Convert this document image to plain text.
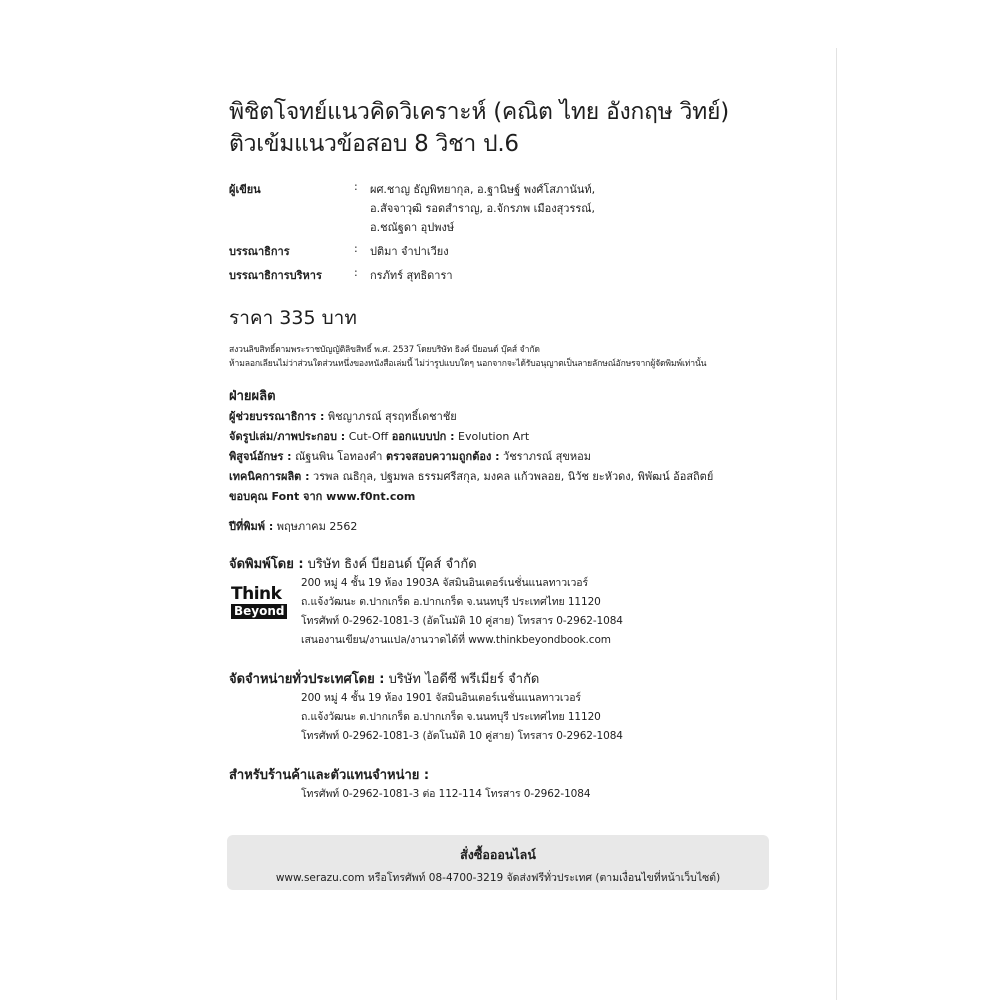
พิชิตโจทย์แนวคิดวิเคราะห์ (คณิต ไทย อังกฤษ วิทย์)
ติวเข้มแนวข้อสอบ 8 วิชา ป.6
ผู้เขียน	:	ผศ.ชาญ ธัญพิทยากุล, อ.ฐานิษฐ์ พงศ์โสภานันท์,
อ.สัจจาวุฒิ รอดสำราญ, อ.จักรภพ เมืองสุวรรณ์,
อ.ชณัฐดา อุปพงษ์
บรรณาธิการ	:	ปติมา จำปาเวียง
บรรณาธิการบริหาร	:	กรภัทร์ สุทธิดารา
ราคา 335 บาท
สงวนลิขสิทธิ์ตามพระราชบัญญัติลิขสิทธิ์ พ.ศ. 2537 โดยบริษัท ธิงค์ บียอนด์ บุ๊คส์ จำกัด
ห้ามลอกเลียนไม่ว่าส่วนใดส่วนหนึ่งของหนังสือเล่มนี้ ไม่ว่ารูปแบบใดๆ นอกจากจะได้รับอนุญาตเป็นลายลักษณ์อักษรจากผู้จัดพิมพ์เท่านั้น
ฝ่ายผลิต
ผู้ช่วยบรรณาธิการ : พิชญาภรณ์ สุรฤทธิ์เดชาชัย
จัดรูปเล่ม/ภาพประกอบ : Cut-Off ออกแบบปก : Evolution Art
พิสูจน์อักษร : ณัฐนพิน โอทองคำ ตรวจสอบความถูกต้อง : วัชราภรณ์ สุขหอม
เทคนิคการผลิต : วรพล ณธิกุล, ปฐมพล ธรรมศรีสกุล, มงคล แก้วพลอย, นิวัช ยะหัวดง, พิพัฒน์ อ้อสถิตย์
ขอบคุณ Font จาก www.f0nt.com
ปีที่พิมพ์ : พฤษภาคม 2562
จัดพิมพ์โดย : บริษัท ธิงค์ บียอนด์ บุ๊คส์ จำกัด
Think
Beyond
200 หมู่ 4 ชั้น 19 ห้อง 1903A จัสมินอินเตอร์เนชั่นแนลทาวเวอร์
ถ.แจ้งวัฒนะ ต.ปากเกร็ด อ.ปากเกร็ด จ.นนทบุรี ประเทศไทย 11120
โทรศัพท์ 0-2962-1081-3 (อัตโนมัติ 10 คู่สาย) โทรสาร 0-2962-1084
เสนองานเขียน/งานแปล/งานวาดได้ที่ www.thinkbeyondbook.com
จัดจำหน่ายทั่วประเทศโดย : บริษัท ไอดีซี พรีเมียร์ จำกัด
200 หมู่ 4 ชั้น 19 ห้อง 1901 จัสมินอินเตอร์เนชั่นแนลทาวเวอร์
ถ.แจ้งวัฒนะ ต.ปากเกร็ด อ.ปากเกร็ด จ.นนทบุรี ประเทศไทย 11120
โทรศัพท์ 0-2962-1081-3 (อัตโนมัติ 10 คู่สาย) โทรสาร 0-2962-1084
สำหรับร้านค้าและตัวแทนจำหน่าย :
โทรศัพท์ 0-2962-1081-3 ต่อ 112-114 โทรสาร 0-2962-1084
สั่งซื้อออนไลน์
www.serazu.com หรือโทรศัพท์ 08-4700-3219 จัดส่งฟรีทั่วประเทศ (ตามเงื่อนไขที่หน้าเว็บไซต์)
